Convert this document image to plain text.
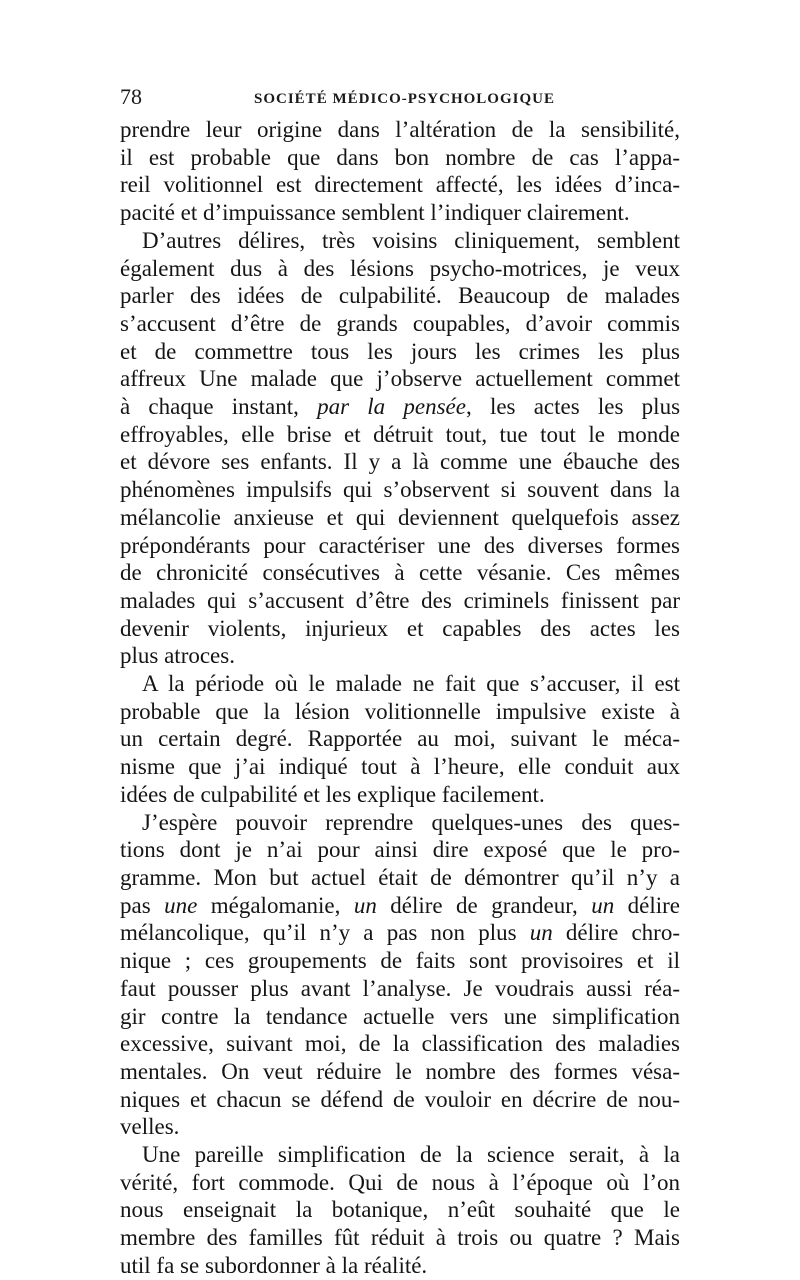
78	SOCIÉTÉ MÉDICO-PSYCHOLOGIQUE

prendre leur origine dans l’altération de la sensibilité,
il est probable que dans bon nombre de cas l’appa-
reil volitionnel est directement affecté, les idées d’inca-
pacité et d’impuissance semblent l’indiquer clairement.

D’autres délires, très voisins cliniquement, semblent
également dus à des lésions psycho-motrices, je veux
parler des idées de culpabilité. Beaucoup de malades
s’accusent d’être de grands coupables, d’avoir commis
et de commettre tous les jours les crimes les plus
affreux Une malade que j’observe actuellement commet
à chaque instant, par la pensée, les actes les plus
effroyables, elle brise et détruit tout, tue tout le monde
et dévore ses enfants. Il y a là comme une ébauche des
phénomènes impulsifs qui s’observent si souvent dans la
mélancolie anxieuse et qui deviennent quelquefois assez
prépondérants pour caractériser une des diverses formes
de chronicité consécutives à cette vésanie. Ces mêmes
malades qui s’accusent d’être des criminels finissent par
devenir violents, injurieux et capables des actes les
plus atroces.

A la période où le malade ne fait que s’accuser, il est
probable que la lésion volitionnelle impulsive existe à
un certain degré. Rapportée au moi, suivant le méca-
nisme que j’ai indiqué tout à l’heure, elle conduit aux
idées de culpabilité et les explique facilement.

J’espère pouvoir reprendre quelques-unes des ques-
tions dont je n’ai pour ainsi dire exposé que le pro-
gramme. Mon but actuel était de démontrer qu’il n’y a
pas une mégalomanie, un délire de grandeur, un délire
mélancolique, qu’il n’y a pas non plus un délire chro-
nique ; ces groupements de faits sont provisoires et il
faut pousser plus avant l’analyse. Je voudrais aussi réa-
gir contre la tendance actuelle vers une simplification
excessive, suivant moi, de la classification des maladies
mentales. On veut réduire le nombre des formes vésa-
niques et chacun se défend de vouloir en décrire de nou-
velles.

Une pareille simplification de la science serait, à la
vérité, fort commode. Qui de nous à l’époque où l’on
nous enseignait la botanique, n’eût souhaité que le
membre des familles fût réduit à trois ou quatre ? Mais
util fa se subordonner à la réalité.
